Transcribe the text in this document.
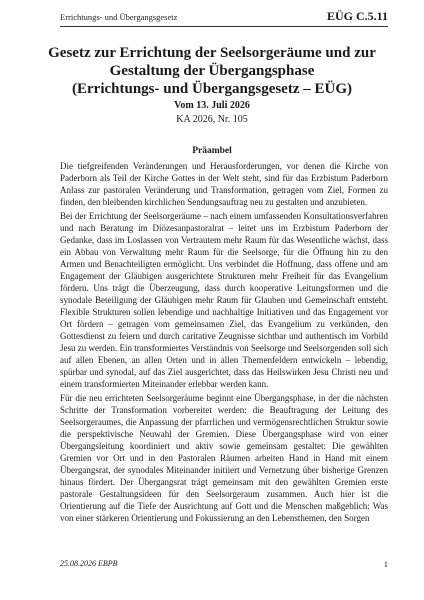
Errichtungs- und Übergangsgesetz	EÜG C.5.11
Gesetz zur Errichtung der Seelsorgeräume und zur
Gestaltung der Übergangsphase
(Errichtungs- und Übergangsgesetz – EÜG)
Vom 13. Juli 2026
KA 2026, Nr. 105
Präambel

Die tiefgreifenden Veränderungen und Herausforderungen, vor denen die Kirche von Paderborn als Teil der Kirche Gottes in der Welt steht, sind für das Erzbistum Paderborn Anlass zur pastoralen Veränderung und Transformation, getragen vom Ziel, Formen zu finden, den bleibenden kirchlichen Sendungsauftrag neu zu gestalten und anzubieten.

Bei der Errichtung der Seelsorgeräume – nach einem umfassenden Konsultationsverfahren und nach Beratung im Diözesanpastoralrat – leitet uns im Erzbistum Paderborn der Gedanke, dass im Loslassen von Vertrautem mehr Raum für das Wesentliche wächst, dass ein Abbau von Verwaltung mehr Raum für die Seelsorge, für die Öffnung hin zu den Armen und Benachteiligten ermöglicht. Uns verbindet die Hoffnung, dass offene und am Engagement der Gläubigen ausgerichtete Strukturen mehr Freiheit für das Evangelium fördern. Uns trägt die Überzeugung, dass durch kooperative Leitungsformen und die synodale Beteiligung der Gläubigen mehr Raum für Glauben und Gemeinschaft entsteht. Flexible Strukturen sollen lebendige und nachhaltige Initiativen und das Engagement vor Ort fördern – getragen vom gemeinsamen Ziel, das Evangelium zu verkünden, den Gottesdienst zu feiern und durch caritative Zeugnisse sichtbar und authentisch im Vorbild Jesu zu werden. Ein transformiertes Verständnis von Seelsorge und Seelsorgenden soll sich auf allen Ebenen, an allen Orten und in allen Themenfeldern entwickeln – lebendig, spürbar und synodal, auf das Ziel ausgerichtet, dass das Heilswirken Jesu Christi neu und einem transformierten Miteinander erlebbar werden kann.

Für die neu errichteten Seelsorgeräume beginnt eine Übergangsphase, in der die nächsten Schritte der Transformation vorbereitet werden: die Beauftragung der Leitung des Seelsorgeraumes, die Anpassung der pfarrlichen und vermögensrechtlichen Struktur sowie die perspektivische Neuwahl der Gremien. Diese Übergangsphase wird von einer Übergangsleitung koordiniert und aktiv sowie gemeinsam gestaltet: Die gewählten Gremien vor Ort und in den Pastoralen Räumen arbeiten Hand in Hand mit einem Übergangsrat, der synodales Miteinander initiiert und Vernetzung über bisherige Grenzen hinaus fördert. Der Übergangsrat trägt gemeinsam mit den gewählten Gremien erste pastorale Gestaltungsideen für den Seelsorgeraum zusammen. Auch hier ist die Orientierung auf die Tiefe der Ausrichtung auf Gott und die Menschen maßgeblich: Was von einer stärkeren Orientierung und Fokussierung an den Lebensthemen, den Sorgen

25.08.2026 EBPB	1
